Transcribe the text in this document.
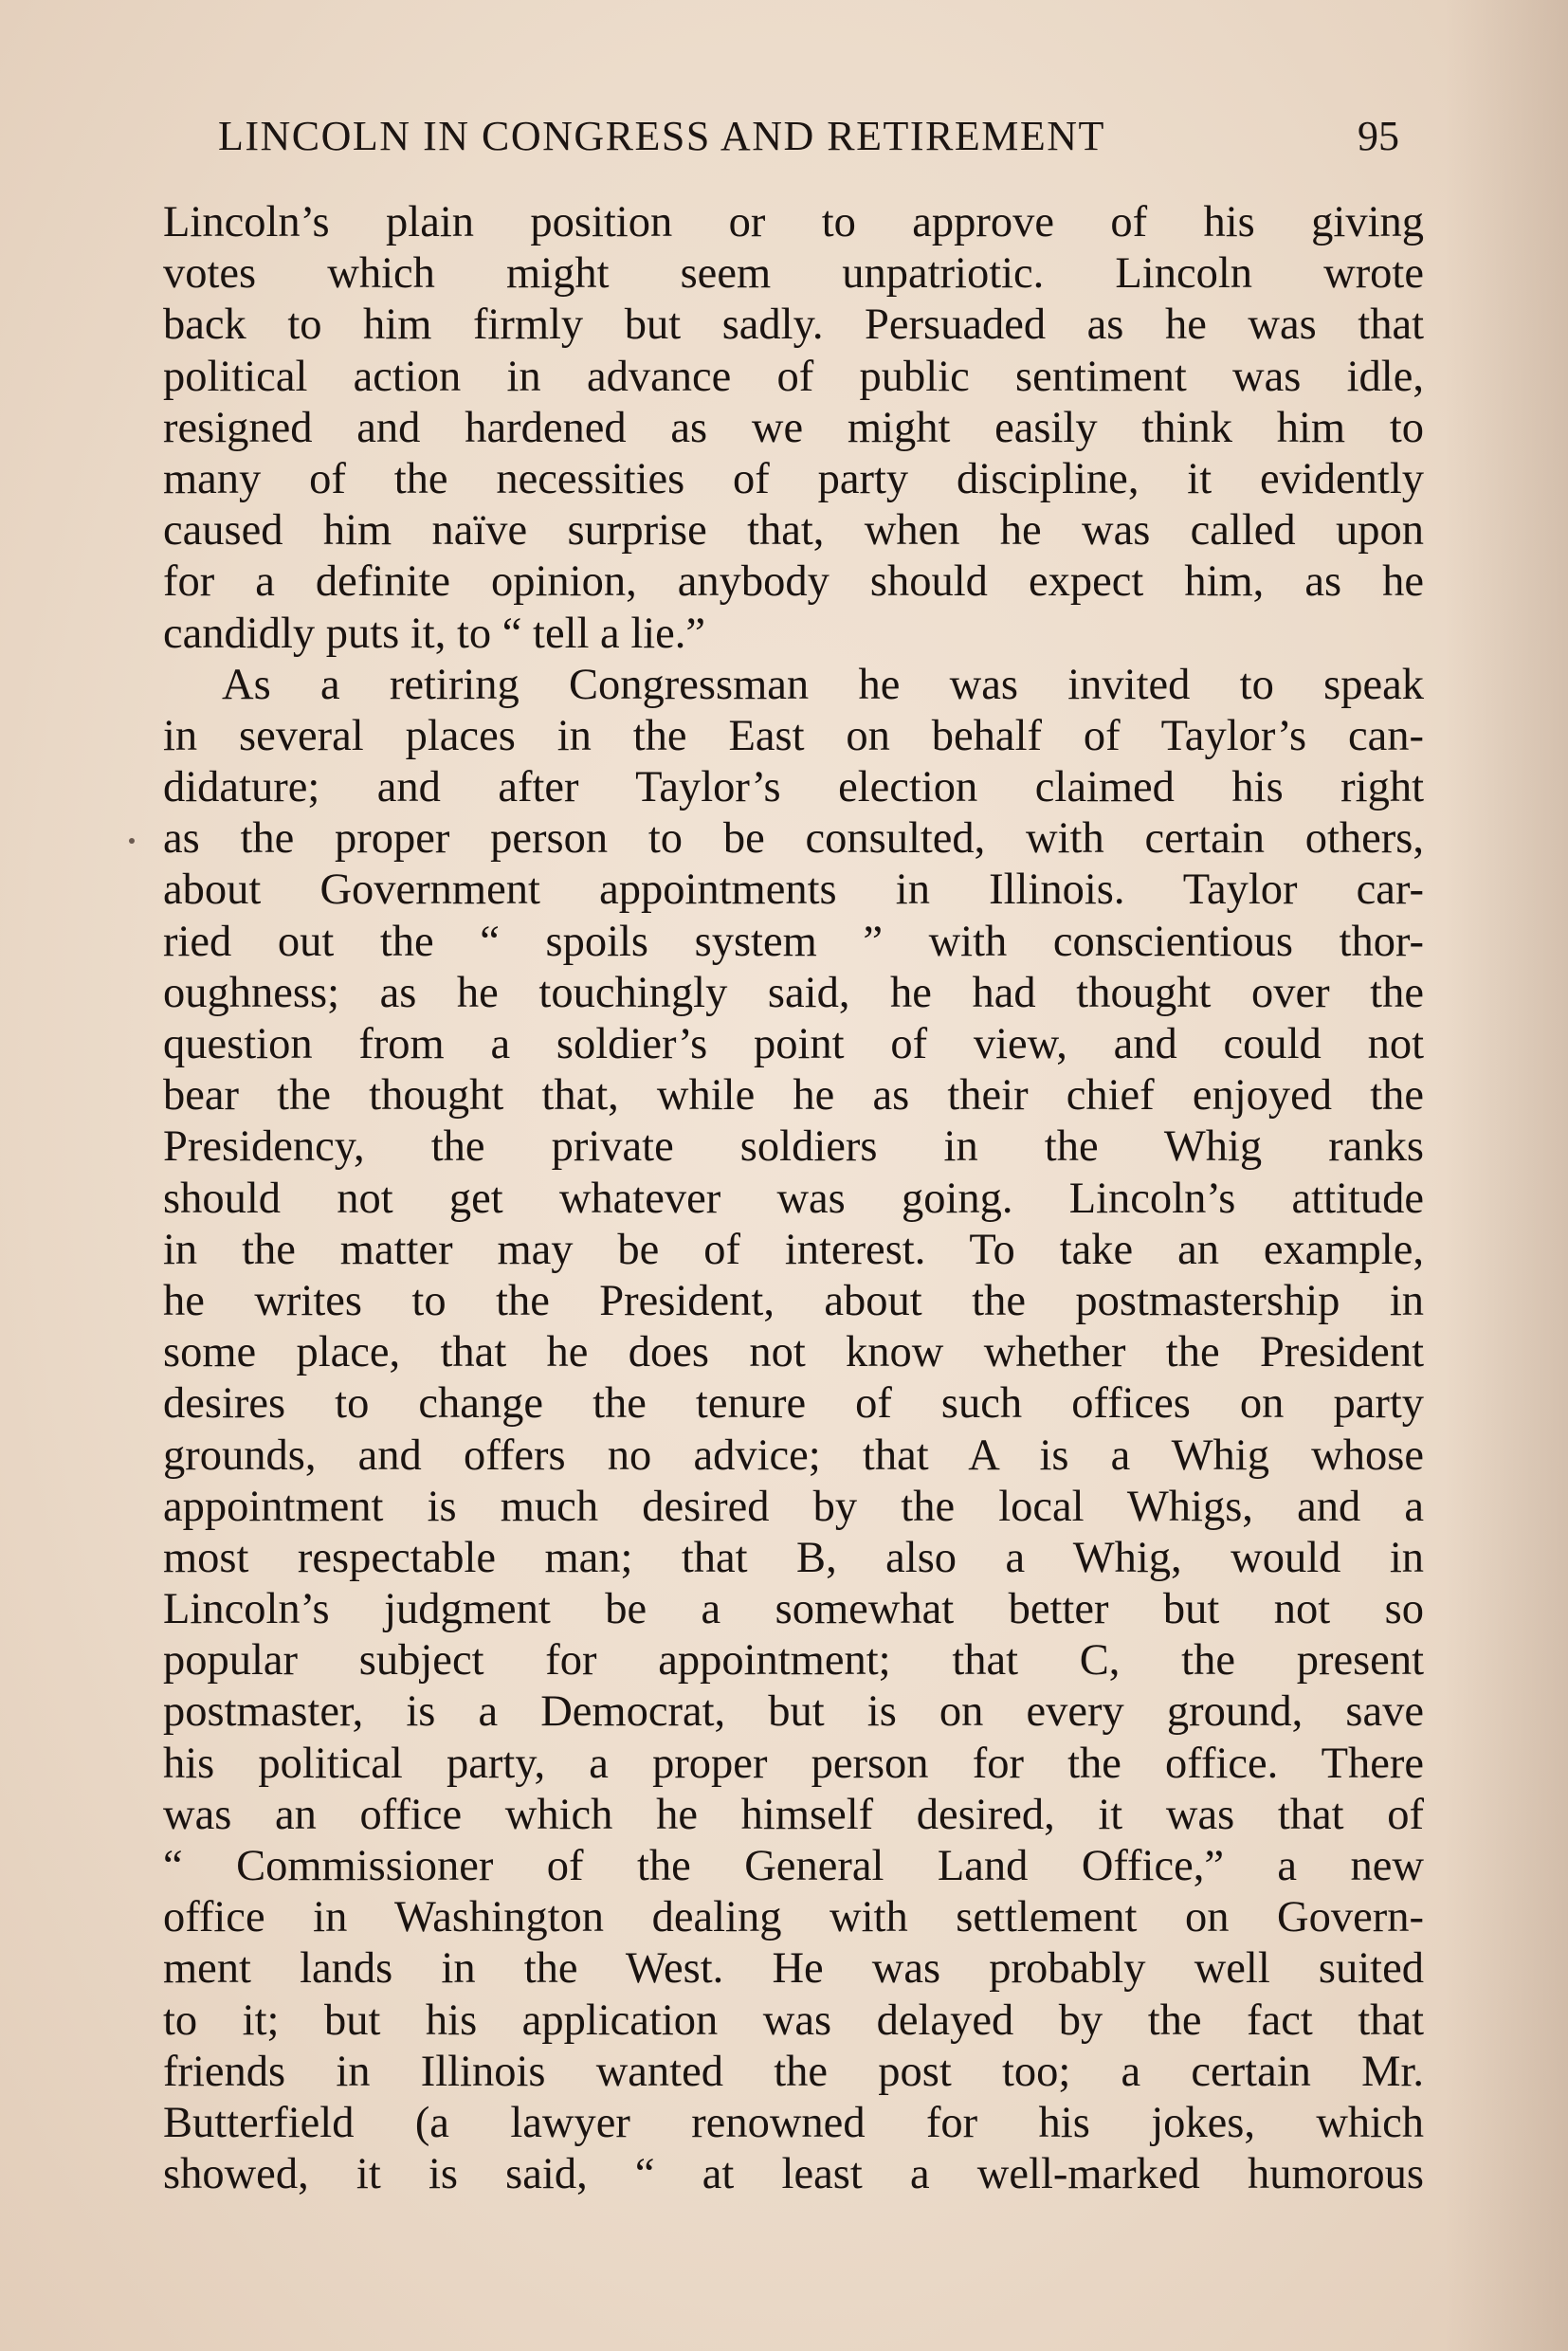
LINCOLN IN CONGRESS AND RETIREMENT	95
Lincoln’s plain position or to approve of his giving
votes which might seem unpatriotic. Lincoln wrote
back to him firmly but sadly. Persuaded as he was that
political action in advance of public sentiment was idle,
resigned and hardened as we might easily think him to
many of the necessities of party discipline, it evidently
caused him naïve surprise that, when he was called upon
for a definite opinion, anybody should expect him, as he
candidly puts it, to “ tell a lie.”
As a retiring Congressman he was invited to speak
in several places in the East on behalf of Taylor’s can-
didature; and after Taylor’s election claimed his right
as the proper person to be consulted, with certain others,
about Government appointments in Illinois. Taylor car-
ried out the “ spoils system ” with conscientious thor-
oughness; as he touchingly said, he had thought over the
question from a soldier’s point of view, and could not
bear the thought that, while he as their chief enjoyed the
Presidency, the private soldiers in the Whig ranks
should not get whatever was going. Lincoln’s attitude
in the matter may be of interest. To take an example,
he writes to the President, about the postmastership in
some place, that he does not know whether the President
desires to change the tenure of such offices on party
grounds, and offers no advice; that A is a Whig whose
appointment is much desired by the local Whigs, and a
most respectable man; that B, also a Whig, would in
Lincoln’s judgment be a somewhat better but not so
popular subject for appointment; that C, the present
postmaster, is a Democrat, but is on every ground, save
his political party, a proper person for the office. There
was an office which he himself desired, it was that of
“ Commissioner of the General Land Office,” a new
office in Washington dealing with settlement on Govern-
ment lands in the West. He was probably well suited
to it; but his application was delayed by the fact that
friends in Illinois wanted the post too; a certain Mr.
Butterfield (a lawyer renowned for his jokes, which
showed, it is said, “ at least a well-marked humorous
